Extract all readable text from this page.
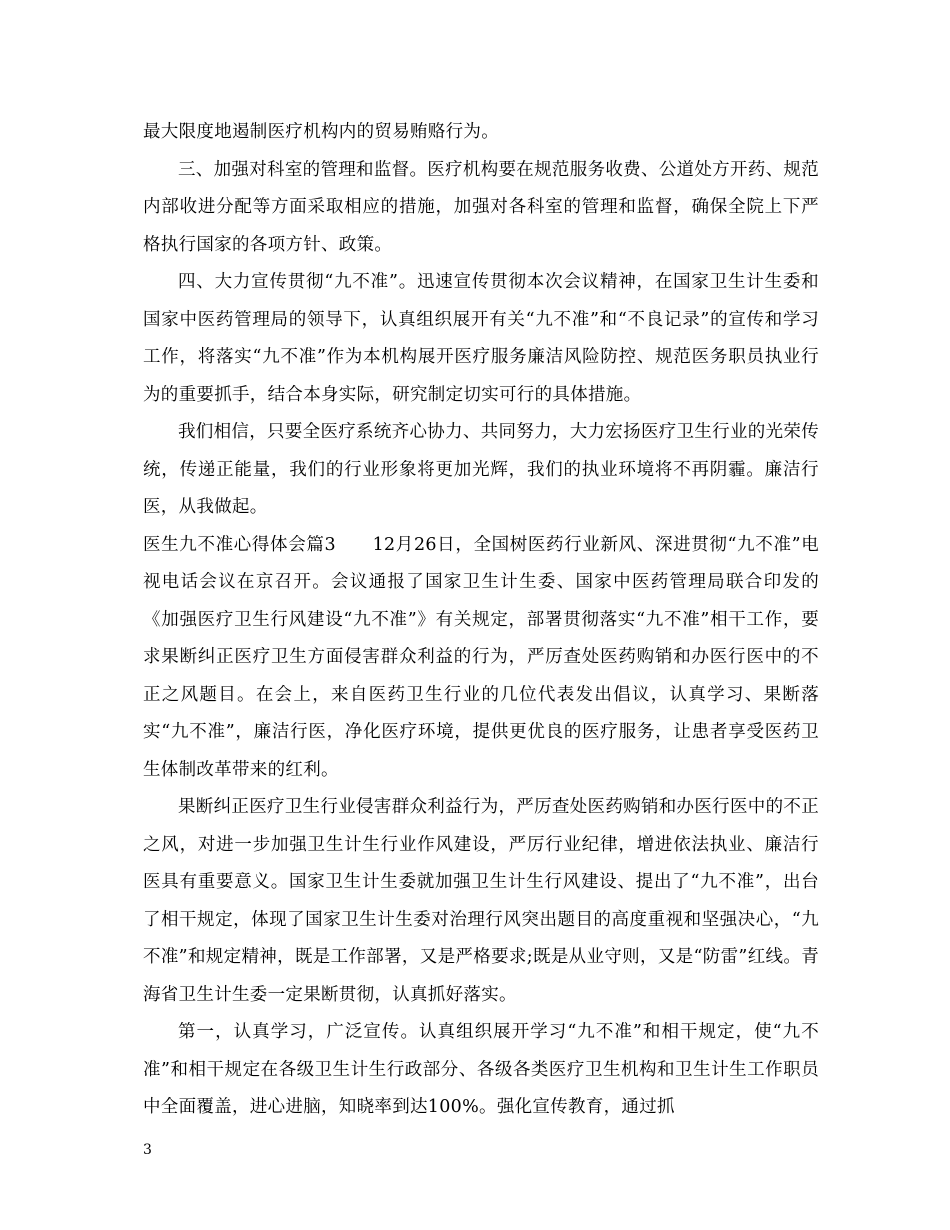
最大限度地遏制医疗机构内的贸易贿赂行为。

三、加强对科室的管理和监督。医疗机构要在规范服务收费、公道处方开药、规范内部收进分配等方面采取相应的措施，加强对各科室的管理和监督，确保全院上下严格执行国家的各项方针、政策。

四、大力宣传贯彻“九不准”。迅速宣传贯彻本次会议精神，在国家卫生计生委和国家中医药管理局的领导下，认真组织展开有关“九不准”和“不良记录”的宣传和学习工作，将落实“九不准”作为本机构展开医疗服务廉洁风险防控、规范医务职员执业行为的重要抓手，结合本身实际，研究制定切实可行的具体措施。

我们相信，只要全医疗系统齐心协力、共同努力，大力宏扬医疗卫生行业的光荣传统，传递正能量，我们的行业形象将更加光辉，我们的执业环境将不再阴霾。廉洁行医，从我做起。

医生九不准心得体会篇3　　12月26日，全国树医药行业新风、深进贯彻“九不准”电视电话会议在京召开。会议通报了国家卫生计生委、国家中医药管理局联合印发的《加强医疗卫生行风建设“九不准”》有关规定，部署贯彻落实“九不准”相干工作，要求果断纠正医疗卫生方面侵害群众利益的行为，严厉查处医药购销和办医行医中的不正之风题目。在会上，来自医药卫生行业的几位代表发出倡议，认真学习、果断落实“九不准”，廉洁行医，净化医疗环境，提供更优良的医疗服务，让患者享受医药卫生体制改革带来的红利。

果断纠正医疗卫生行业侵害群众利益行为，严厉查处医药购销和办医行医中的不正之风，对进一步加强卫生计生行业作风建设，严厉行业纪律，增进依法执业、廉洁行医具有重要意义。国家卫生计生委就加强卫生计生行风建设、提出了“九不准”，出台了相干规定，体现了国家卫生计生委对治理行风突出题目的高度重视和坚强决心，“九不准”和规定精神，既是工作部署，又是严格要求;既是从业守则，又是“防雷”红线。青海省卫生计生委一定果断贯彻，认真抓好落实。

第一，认真学习，广泛宣传。认真组织展开学习“九不准”和相干规定，使“九不准”和相干规定在各级卫生计生行政部分、各级各类医疗卫生机构和卫生计生工作职员中全面覆盖，进心进脑，知晓率到达100%。强化宣传教育，通过抓

3
